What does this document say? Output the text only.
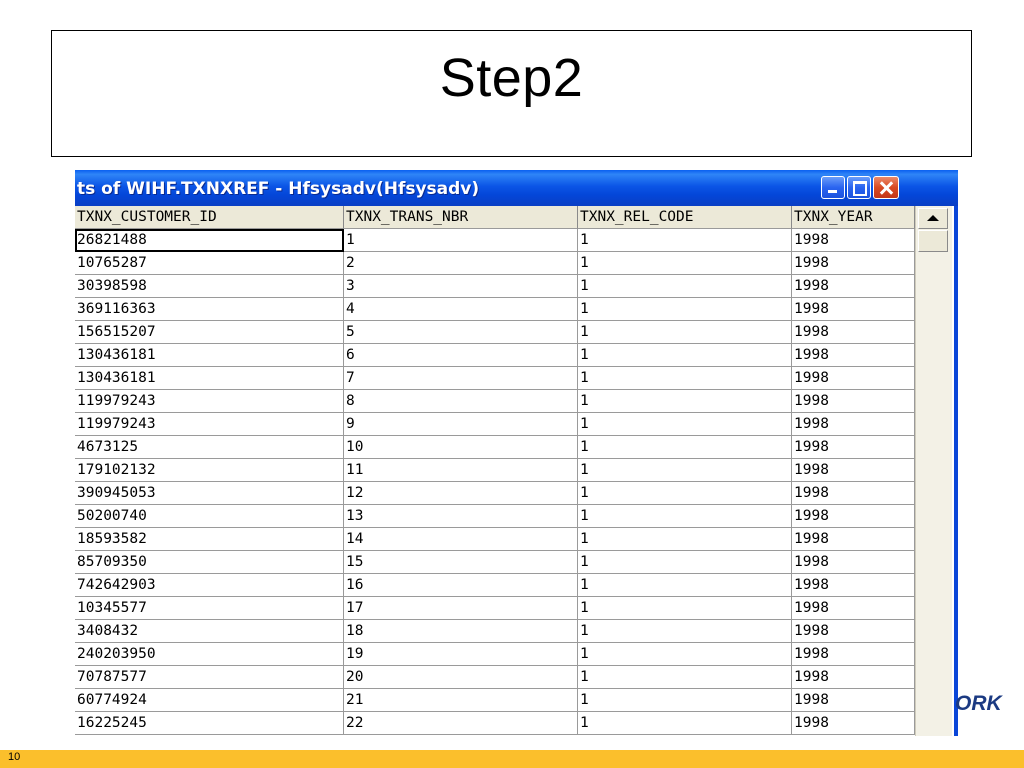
Step2
ts of WIHF.TXNXREF - Hfsysadv(Hfsysadv)
TXNX_CUSTOMER_ID	TXNX_TRANS_NBR	TXNX_REL_CODE	TXNX_YEAR
26821488	1	1	1998
10765287	2	1	1998
30398598	3	1	1998
369116363	4	1	1998
156515207	5	1	1998
130436181	6	1	1998
130436181	7	1	1998
119979243	8	1	1998
119979243	9	1	1998
4673125	10	1	1998
179102132	11	1	1998
390945053	12	1	1998
50200740	13	1	1998
18593582	14	1	1998
85709350	15	1	1998
742642903	16	1	1998
10345577	17	1	1998
3408432	18	1	1998
240203950	19	1	1998
70787577	20	1	1998
60774924	21	1	1998
16225245	22	1	1998
ORK
10
